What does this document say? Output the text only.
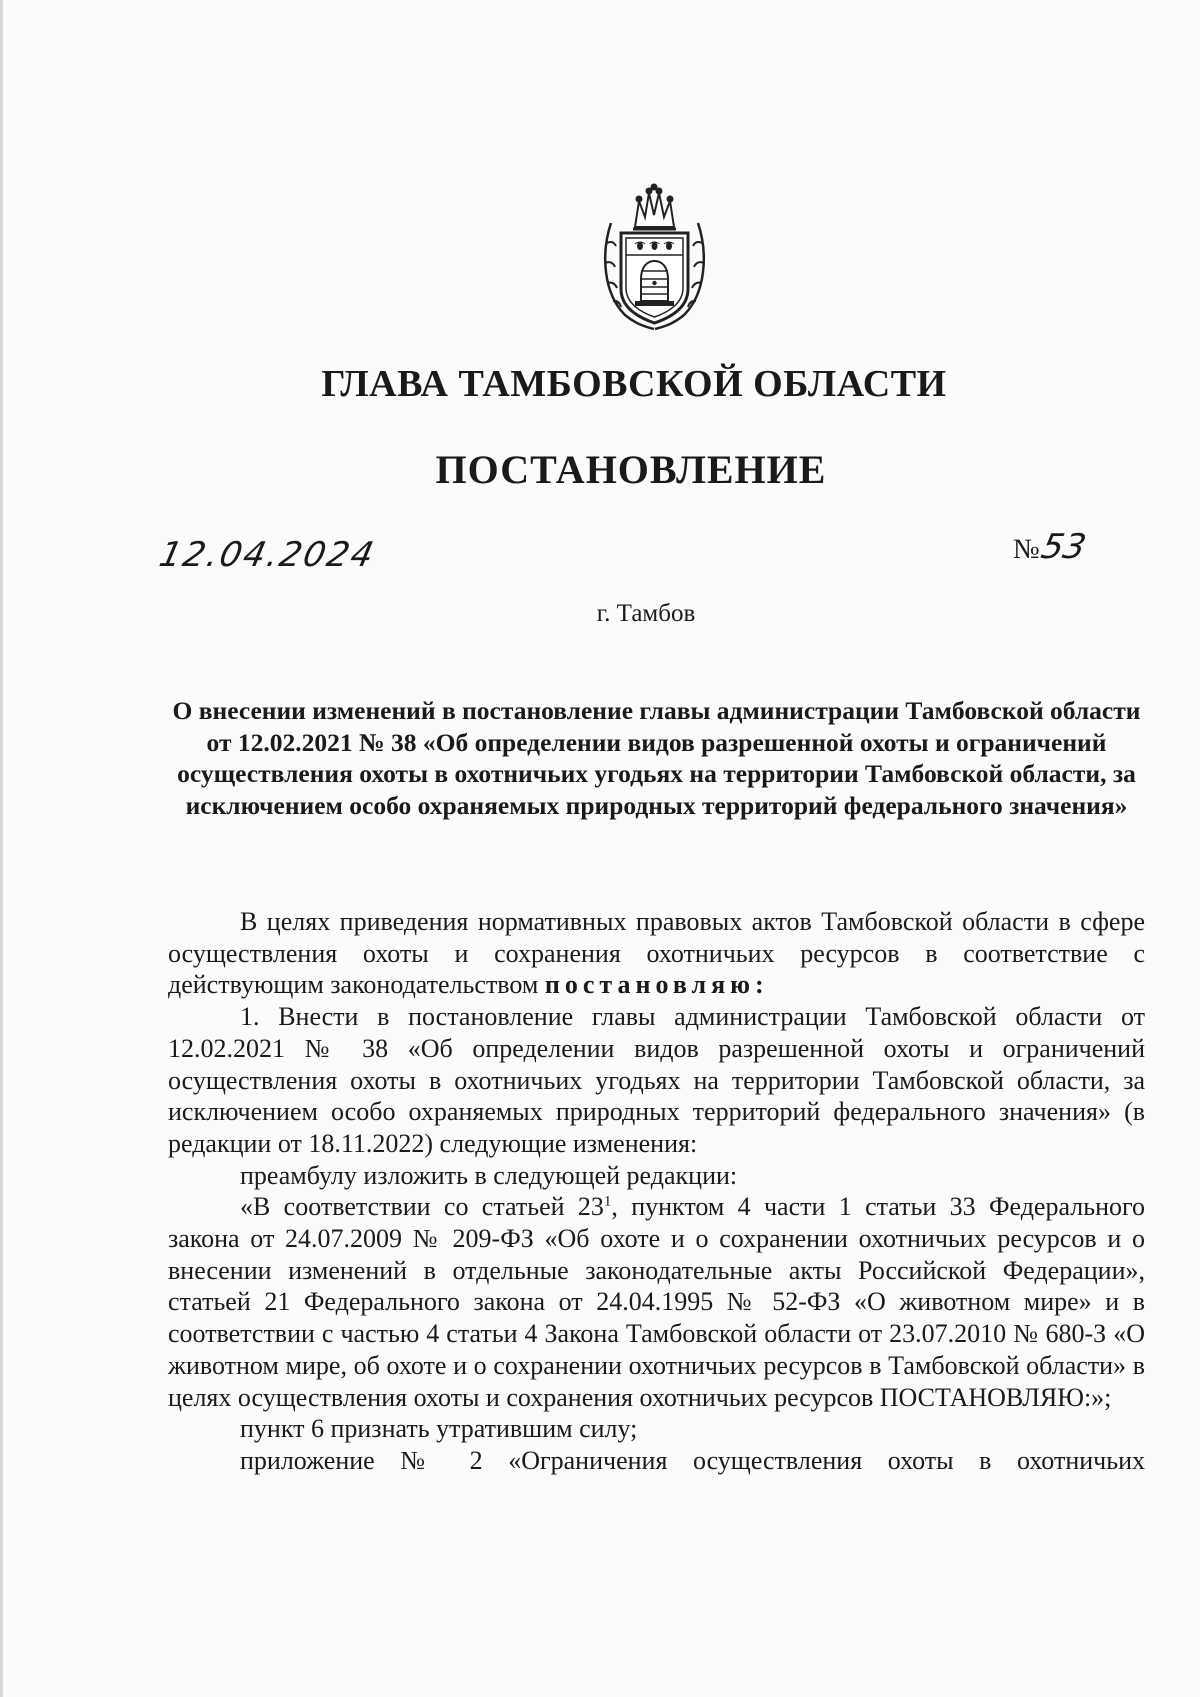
ГЛАВА ТАМБОВСКОЙ ОБЛАСТИ
ПОСТАНОВЛЕНИЕ
12.04.2024	№53
г. Тамбов
О внесении изменений в постановление главы администрации Тамбовской области от 12.02.2021 № 38 «Об определении видов разрешенной охоты и ограничений осуществления охоты в охотничьих угодьях на территории Тамбовской области, за исключением особо охраняемых природных территорий федерального значения»

В целях приведения нормативных правовых актов Тамбовской области в сфере осуществления охоты и сохранения охотничьих ресурсов в соответствие с действующим законодательством постановляю:

1. Внести в постановление главы администрации Тамбовской области от 12.02.2021 № 38 «Об определении видов разрешенной охоты и ограничений осуществления охоты в охотничьих угодьях на территории Тамбовской области, за исключением особо охраняемых природных территорий федерального значения» (в редакции от 18.11.2022) следующие изменения:

преамбулу изложить в следующей редакции:

«В соответствии со статьей $23^1$, пунктом 4 части 1 статьи 33 Федерального закона от 24.07.2009 № 209-ФЗ «Об охоте и о сохранении охотничьих ресурсов и о внесении изменений в отдельные законодательные акты Российской Федерации», статьей 21 Федерального закона от 24.04.1995 № 52-ФЗ «О животном мире» и в соответствии с частью 4 статьи 4 Закона Тамбовской области от 23.07.2010 № 680-З «О животном мире, об охоте и о сохранении охотничьих ресурсов в Тамбовской области» в целях осуществления охоты и сохранения охотничьих ресурсов ПОСТАНОВЛЯЮ:»;

пункт 6 признать утратившим силу;

приложение № 2 «Ограничения осуществления охоты в охотничьих
